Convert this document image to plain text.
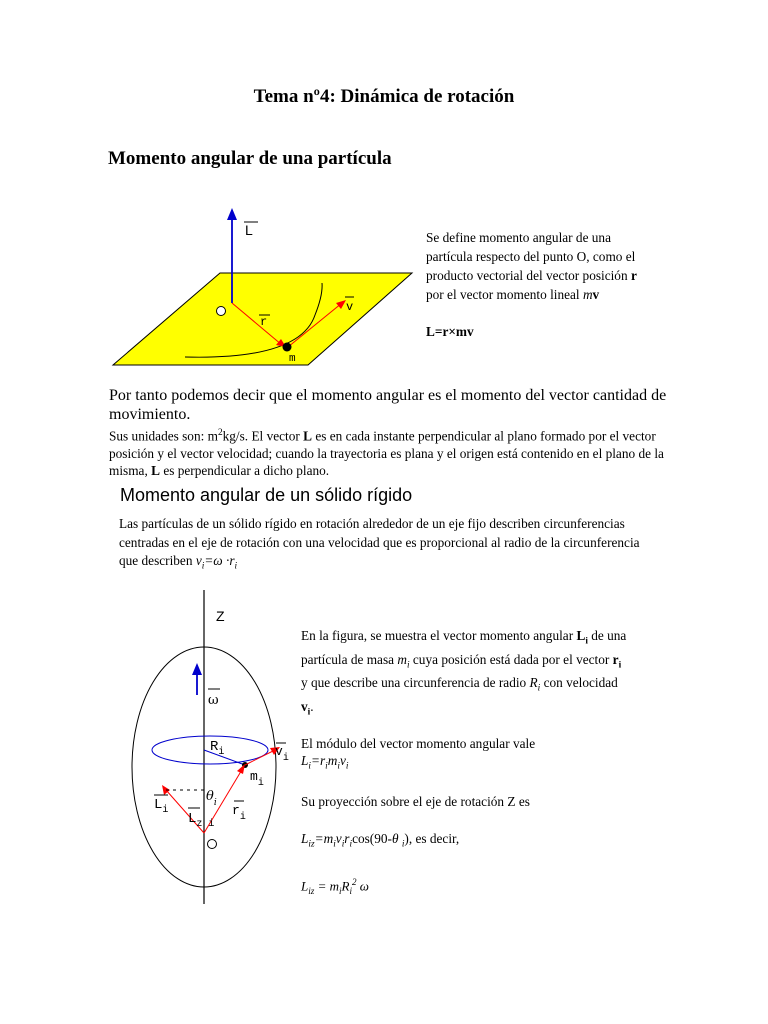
Tema nº4: Dinámica de rotación
Momento angular de una partícula
L
r
v
m
Se define momento angular de una partícula respecto del punto O, como el producto vectorial del vector posición r por el vector momento lineal mv
L=r×mv
Por tanto podemos decir que el momento angular es el momento del vector cantidad de movimiento.
Sus unidades son: $m^2kg/s$. El vector L es en cada instante perpendicular al plano formado por el vector posición y el vector velocidad; cuando la trayectoria es plana y el origen está contenido en el plano de la misma, L es perpendicular a dicho plano.
Momento angular de un sólido rígido
Las partículas de un sólido rígido en rotación alrededor de un eje fijo describen circunferencias centradas en el eje de rotación con una velocidad que es proporcional al radio de la circunferencia que describen $v_i=\omega \cdot r_i$
Z
ω
$R_i$	$v_i$
$m_i$
$\theta_i$ $r_i$
$L_i$
$L_{z i}$

En la figura, se muestra el vector momento angular $L_i$ de una partícula de masa $m_i$ cuya posición está dada por el vector $r_i$ y que describe una circunferencia de radio $R_i$ con velocidad $v_i$.

El módulo del vector momento angular vale
$L_i=r_im_iv_i$

Su proyección sobre el eje de rotación Z es

$L_{iz}=m_iv_ir_i\cos(90-\theta$ $_i$), es decir,

$L_{iz} = m_iR_i^2$ ω
